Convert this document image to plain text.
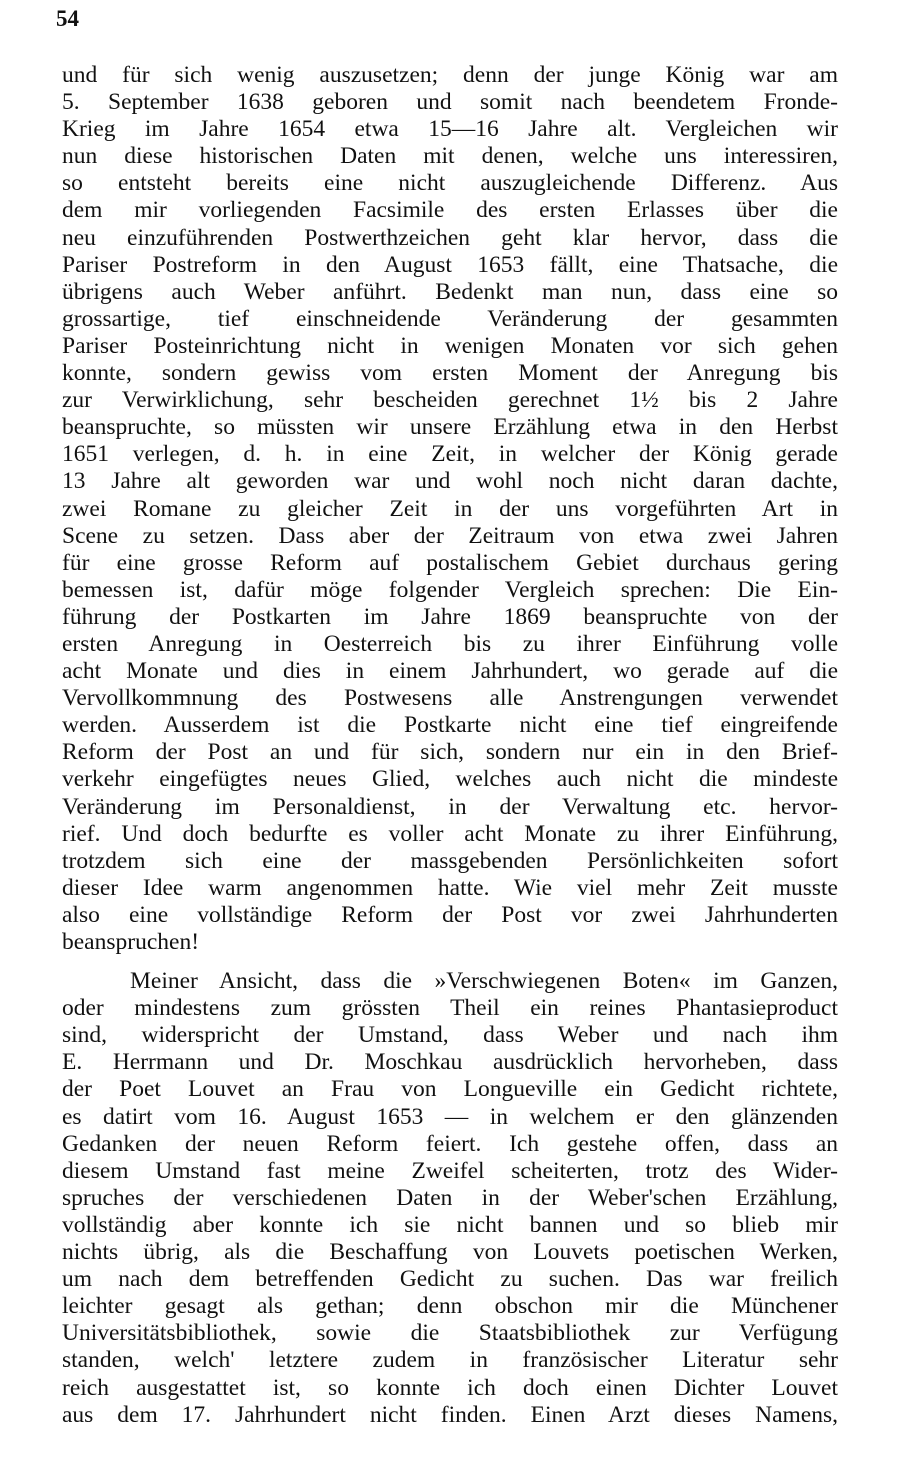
54
und für sich wenig auszusetzen; denn der junge König war am
5. September 1638 geboren und somit nach beendetem Fronde-
Krieg im Jahre 1654 etwa 15—16 Jahre alt. Vergleichen wir
nun diese historischen Daten mit denen, welche uns interessiren,
so entsteht bereits eine nicht auszugleichende Differenz. Aus
dem mir vorliegenden Facsimile des ersten Erlasses über die
neu einzuführenden Postwerthzeichen geht klar hervor, dass die
Pariser Postreform in den August 1653 fällt, eine Thatsache, die
übrigens auch Weber anführt. Bedenkt man nun, dass eine so
grossartige, tief einschneidende Veränderung der gesammten
Pariser Posteinrichtung nicht in wenigen Monaten vor sich gehen
konnte, sondern gewiss vom ersten Moment der Anregung bis
zur Verwirklichung, sehr bescheiden gerechnet 1½ bis 2 Jahre
beanspruchte, so müssten wir unsere Erzählung etwa in den Herbst
1651 verlegen, d. h. in eine Zeit, in welcher der König gerade
13 Jahre alt geworden war und wohl noch nicht daran dachte,
zwei Romane zu gleicher Zeit in der uns vorgeführten Art in
Scene zu setzen. Dass aber der Zeitraum von etwa zwei Jahren
für eine grosse Reform auf postalischem Gebiet durchaus gering
bemessen ist, dafür möge folgender Vergleich sprechen: Die Ein-
führung der Postkarten im Jahre 1869 beanspruchte von der
ersten Anregung in Oesterreich bis zu ihrer Einführung volle
acht Monate und dies in einem Jahrhundert, wo gerade auf die
Vervollkommnung des Postwesens alle Anstrengungen verwendet
werden. Ausserdem ist die Postkarte nicht eine tief eingreifende
Reform der Post an und für sich, sondern nur ein in den Brief-
verkehr eingefügtes neues Glied, welches auch nicht die mindeste
Veränderung im Personaldienst, in der Verwaltung etc. hervor-
rief. Und doch bedurfte es voller acht Monate zu ihrer Einführung,
trotzdem sich eine der massgebenden Persönlichkeiten sofort
dieser Idee warm angenommen hatte. Wie viel mehr Zeit musste
also eine vollständige Reform der Post vor zwei Jahrhunderten
beanspruchen!
Meiner Ansicht, dass die »Verschwiegenen Boten« im Ganzen,
oder mindestens zum grössten Theil ein reines Phantasieproduct
sind, widerspricht der Umstand, dass Weber und nach ihm
E. Herrmann und Dr. Moschkau ausdrücklich hervorheben, dass
der Poet Louvet an Frau von Longueville ein Gedicht richtete,
es datirt vom 16. August 1653 — in welchem er den glänzenden
Gedanken der neuen Reform feiert. Ich gestehe offen, dass an
diesem Umstand fast meine Zweifel scheiterten, trotz des Wider-
spruches der verschiedenen Daten in der Weber'schen Erzählung,
vollständig aber konnte ich sie nicht bannen und so blieb mir
nichts übrig, als die Beschaffung von Louvets poetischen Werken,
um nach dem betreffenden Gedicht zu suchen. Das war freilich
leichter gesagt als gethan; denn obschon mir die Münchener
Universitätsbibliothek, sowie die Staatsbibliothek zur Verfügung
standen, welch' letztere zudem in französischer Literatur sehr
reich ausgestattet ist, so konnte ich doch einen Dichter Louvet
aus dem 17. Jahrhundert nicht finden. Einen Arzt dieses Namens,
